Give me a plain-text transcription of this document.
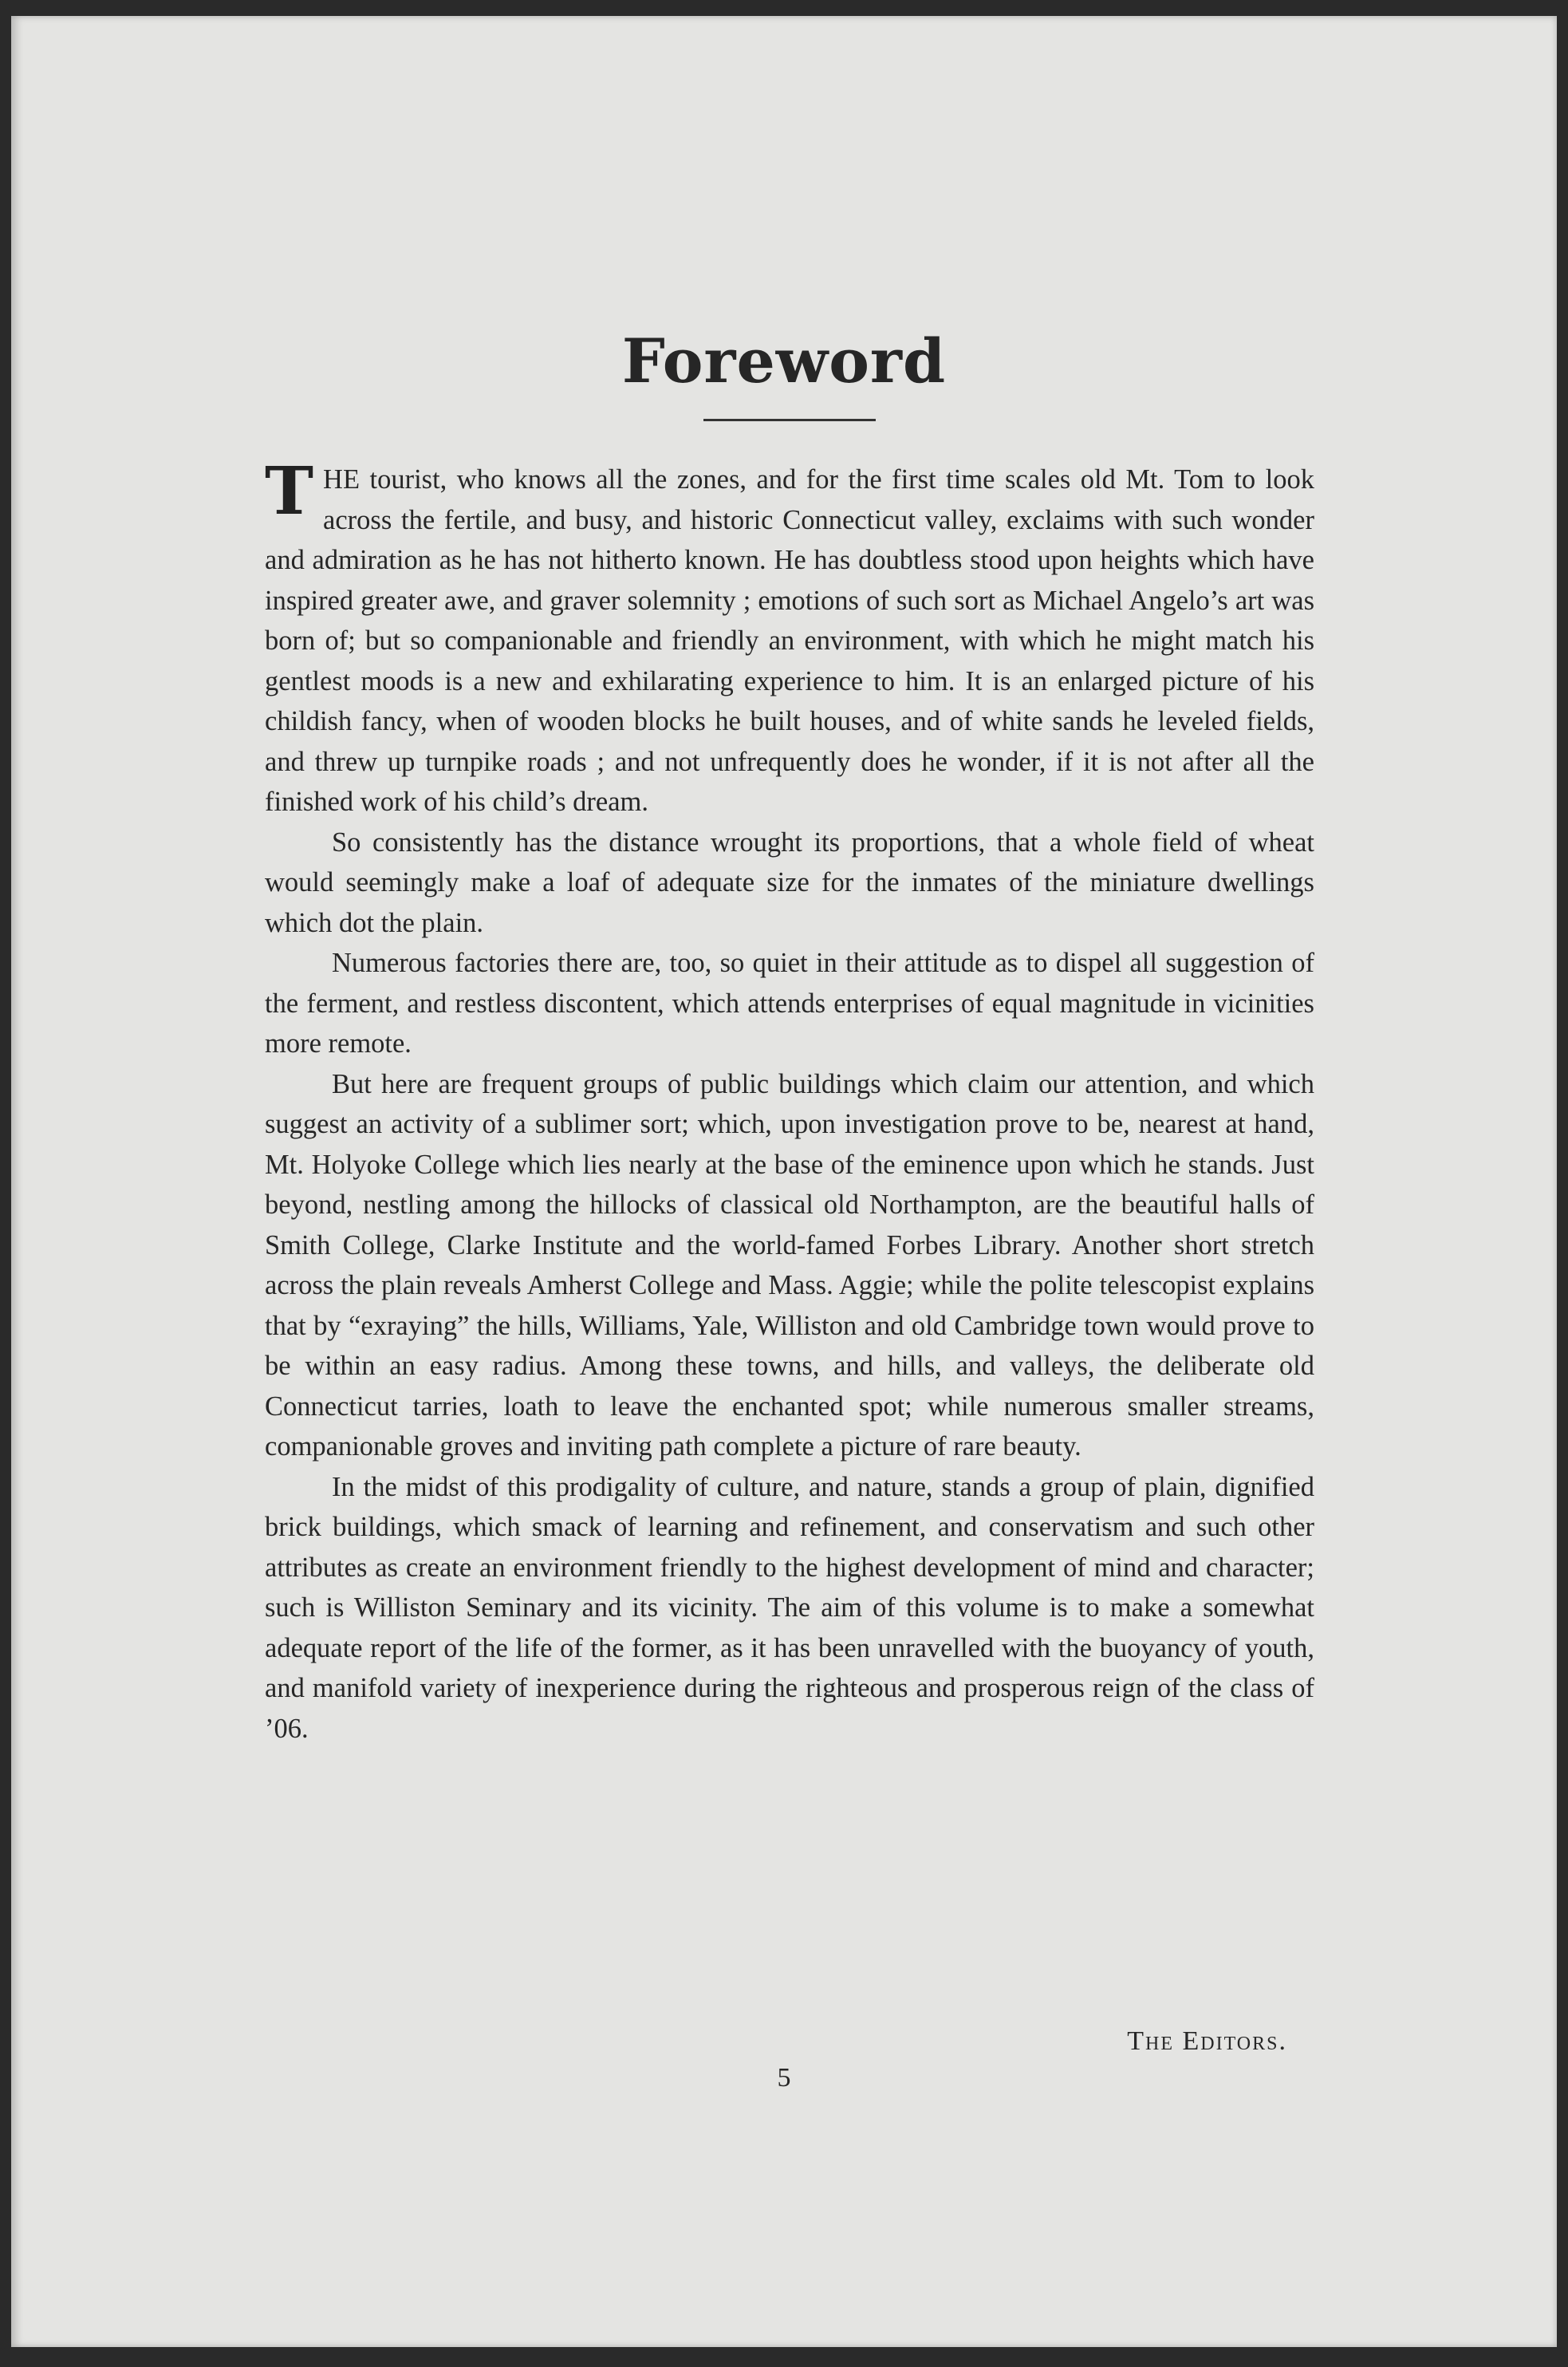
Foreword

THE tourist, who knows all the zones, and for the first time scales old Mt. Tom to look across the fertile, and busy, and historic Connecticut valley, exclaims with such wonder and admiration as he has not hitherto known. He has doubtless stood upon heights which have inspired greater awe, and graver solemnity ; emotions of such sort as Michael Angelo’s art was born of; but so companionable and friendly an environment, with which he might match his gentlest moods is a new and exhilarating experience to him. It is an enlarged picture of his childish fancy, when of wooden blocks he built houses, and of white sands he leveled fields, and threw up turnpike roads ; and not unfrequently does he wonder, if it is not after all the finished work of his child’s dream.

So consistently has the distance wrought its proportions, that a whole field of wheat would seemingly make a loaf of adequate size for the inmates of the miniature dwellings which dot the plain.

Numerous factories there are, too, so quiet in their attitude as to dispel all suggestion of the ferment, and restless discontent, which attends enterprises of equal magnitude in vicinities more remote.

But here are frequent groups of public buildings which claim our attention, and which suggest an activity of a sublimer sort; which, upon investigation prove to be, nearest at hand, Mt. Holyoke College which lies nearly at the base of the eminence upon which he stands. Just beyond, nestling among the hillocks of classical old Northampton, are the beautiful halls of Smith College, Clarke Institute and the world-famed Forbes Library. Another short stretch across the plain reveals Amherst College and Mass. Aggie; while the polite telescopist explains that by “exraying” the hills, Williams, Yale, Williston and old Cambridge town would prove to be within an easy radius. Among these towns, and hills, and valleys, the deliberate old Connecticut tarries, loath to leave the enchanted spot; while numerous smaller streams, companionable groves and inviting path complete a picture of rare beauty.

In the midst of this prodigality of culture, and nature, stands a group of plain, dignified brick buildings, which smack of learning and refinement, and conservatism and such other attributes as create an environment friendly to the highest development of mind and character; such is Williston Seminary and its vicinity. The aim of this volume is to make a somewhat adequate report of the life of the former, as it has been unravelled with the buoyancy of youth, and manifold variety of inexperience during the righteous and prosperous reign of the class of ’06.

The Editors.
5
